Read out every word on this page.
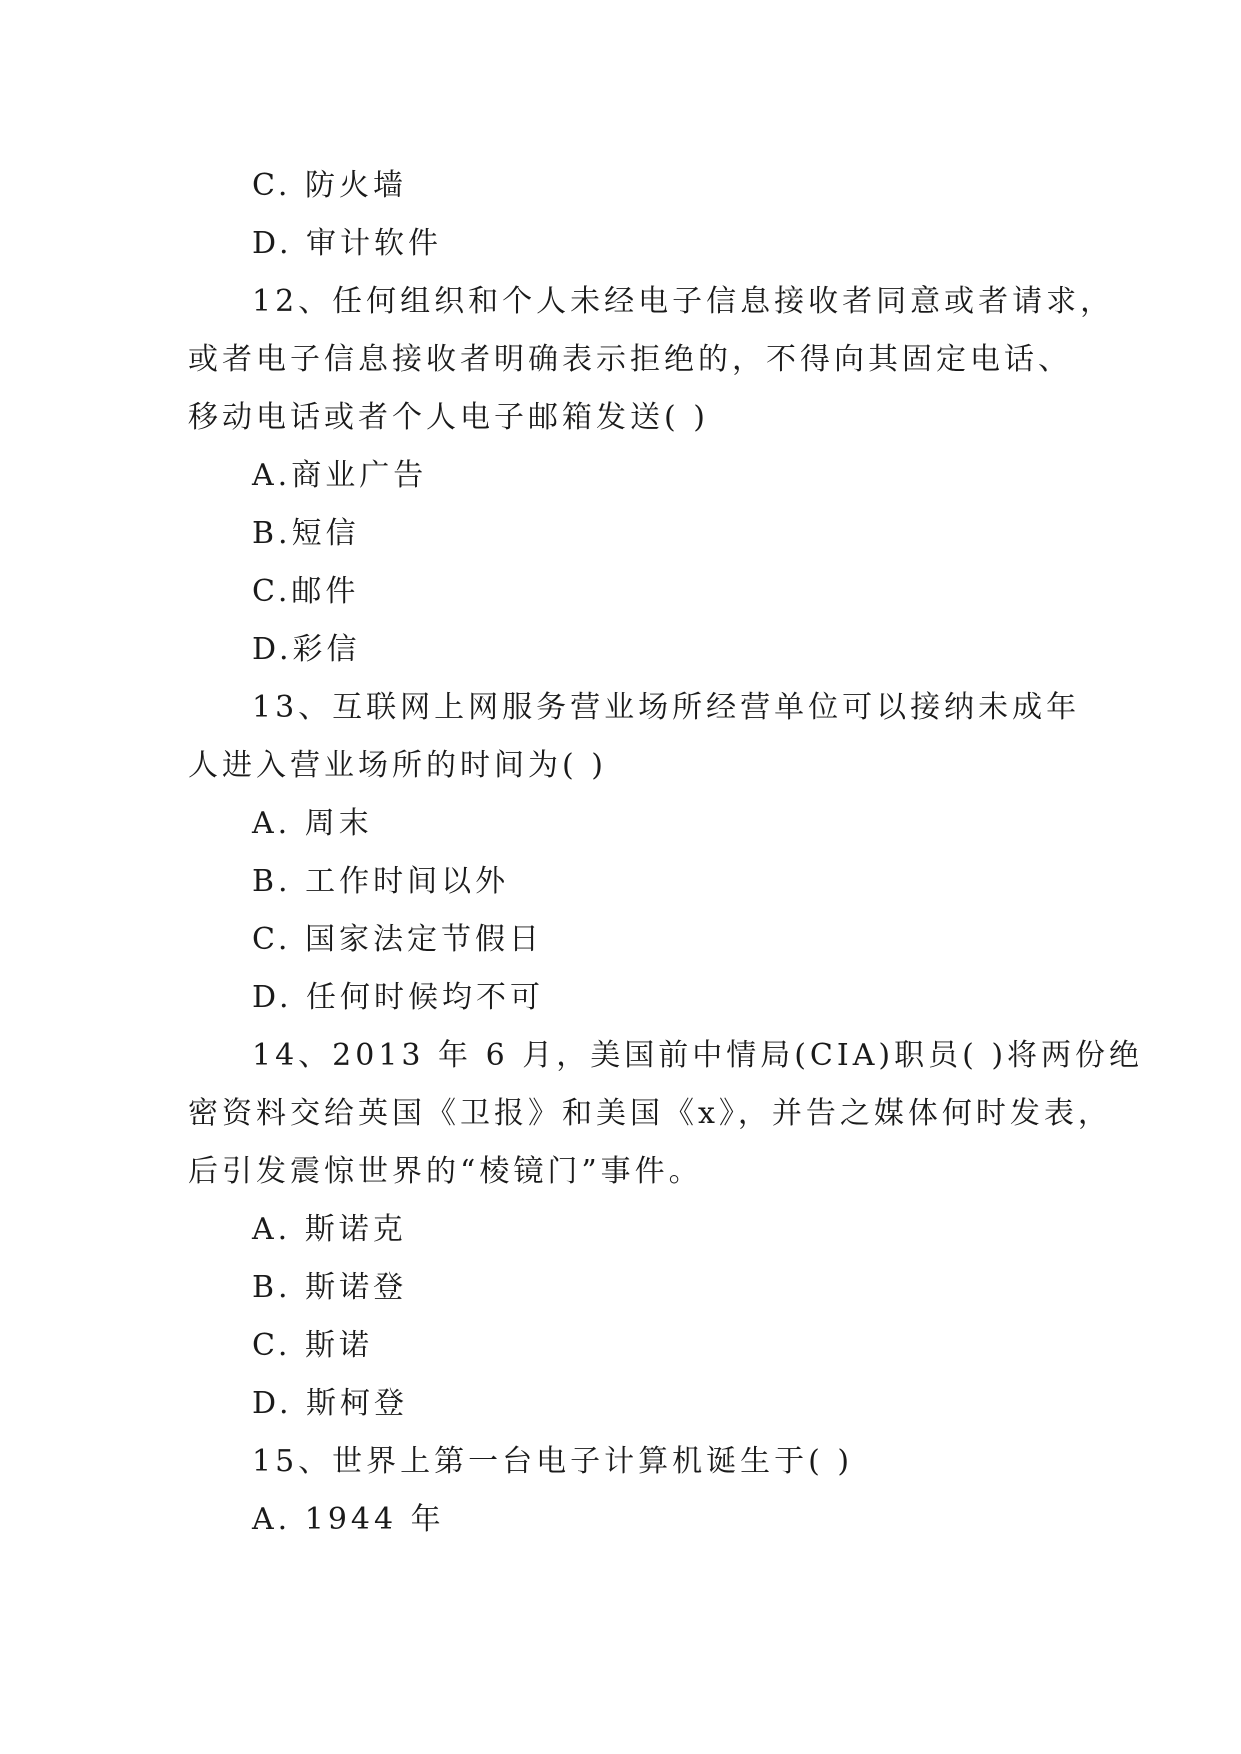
C. 防火墙
D. 审计软件
12、任何组织和个人未经电子信息接收者同意或者请求，
或者电子信息接收者明确表示拒绝的，不得向其固定电话、
移动电话或者个人电子邮箱发送( )
A.商业广告
B.短信
C.邮件
D.彩信
13、互联网上网服务营业场所经营单位可以接纳未成年
人进入营业场所的时间为( )
A. 周末
B. 工作时间以外
C. 国家法定节假日
D. 任何时候均不可
14、2013 年 6 月，美国前中情局(CIA)职员( )将两份绝
密资料交给英国《卫报》和美国《x》，并告之媒体何时发表，
后引发震惊世界的“棱镜门”事件。
A. 斯诺克
B. 斯诺登
C. 斯诺
D. 斯柯登
15、世界上第一台电子计算机诞生于( )
A. 1944 年
